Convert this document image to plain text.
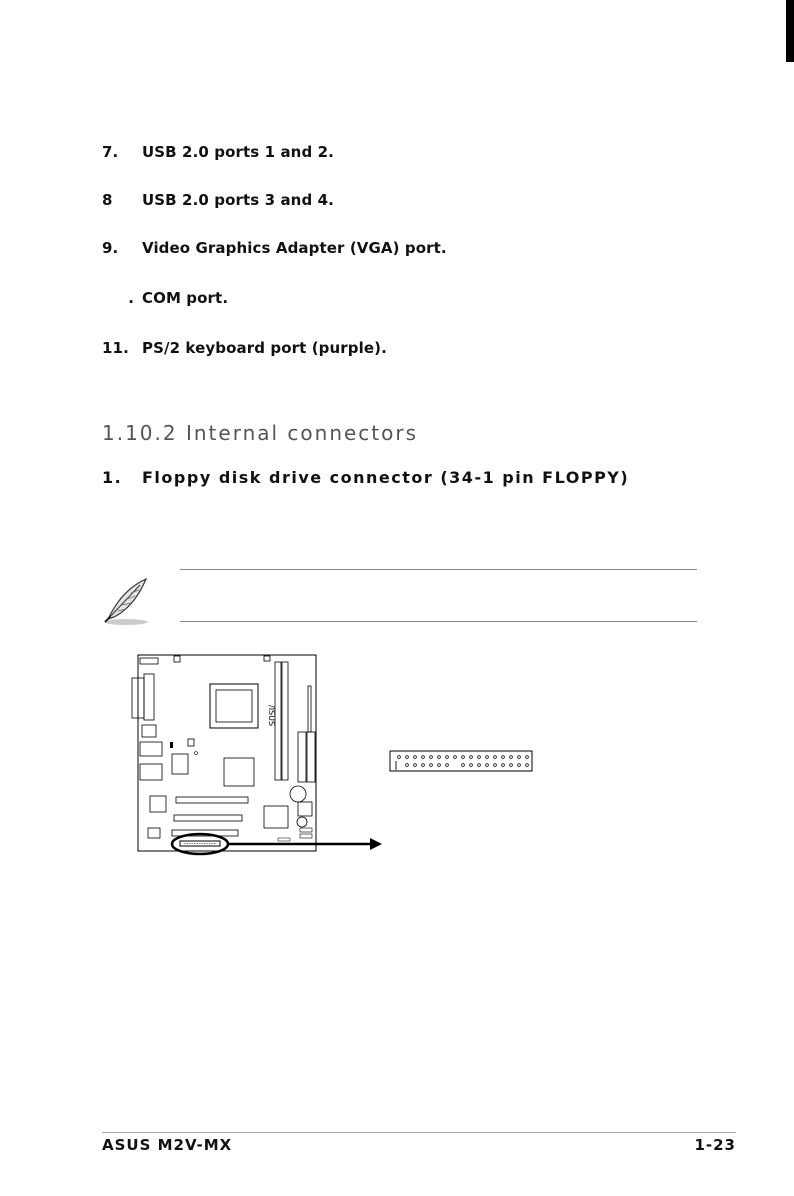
7. USB 2.0 ports 1 and 2.
8 USB 2.0 ports 3 and 4.
9. Video Graphics Adapter (VGA) port.
. COM port.
11. PS/2 keyboard port (purple).
1.10.2 Internal connectors
1. Floppy disk drive connector (34-1 pin FLOPPY)
/ISUS
ASUS M2V-MX	1-23
